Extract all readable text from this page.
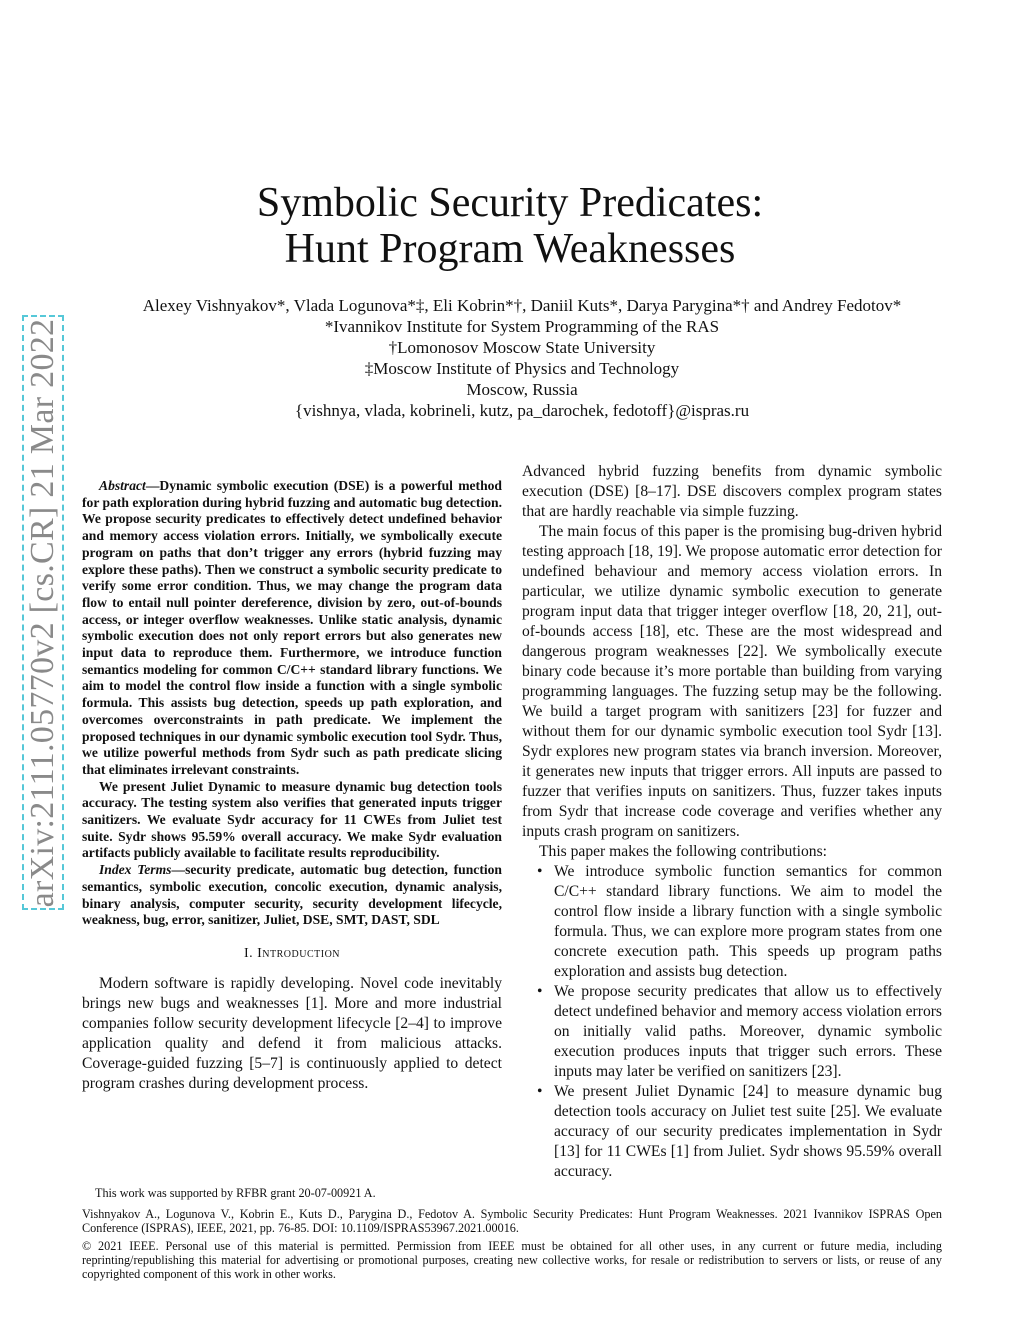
arXiv:2111.05770v2 [cs.CR] 21 Mar 2022
Symbolic Security Predicates:
Hunt Program Weaknesses
Alexey Vishnyakov*, Vlada Logunova*‡, Eli Kobrin*†, Daniil Kuts*, Darya Parygina*† and Andrey Fedotov*
*Ivannikov Institute for System Programming of the RAS
†Lomonosov Moscow State University
‡Moscow Institute of Physics and Technology
Moscow, Russia
{vishnya, vlada, kobrineli, kutz, pa_darochek, fedotoff}@ispras.ru

Abstract—Dynamic symbolic execution (DSE) is a powerful method for path exploration during hybrid fuzzing and automatic bug detection. We propose security predicates to effectively detect undefined behavior and memory access violation errors. Initially, we symbolically execute program on paths that don’t trigger any errors (hybrid fuzzing may explore these paths). Then we construct a symbolic security predicate to verify some error condition. Thus, we may change the program data flow to entail null pointer dereference, division by zero, out-of-bounds access, or integer overflow weaknesses. Unlike static analysis, dynamic symbolic execution does not only report errors but also generates new input data to reproduce them. Furthermore, we introduce function semantics modeling for common C/C++ standard library functions. We aim to model the control flow inside a function with a single symbolic formula. This assists bug detection, speeds up path exploration, and overcomes overconstraints in path predicate. We implement the proposed techniques in our dynamic symbolic execution tool Sydr. Thus, we utilize powerful methods from Sydr such as path predicate slicing that eliminates irrelevant constraints.

We present Juliet Dynamic to measure dynamic bug detection tools accuracy. The testing system also verifies that generated inputs trigger sanitizers. We evaluate Sydr accuracy for 11 CWEs from Juliet test suite. Sydr shows 95.59% overall accuracy. We make Sydr evaluation artifacts publicly available to facilitate results reproducibility.

Index Terms—security predicate, automatic bug detection, function semantics, symbolic execution, concolic execution, dynamic analysis, binary analysis, computer security, security development lifecycle, weakness, bug, error, sanitizer, Juliet, DSE, SMT, DAST, SDL

I. Introduction

Modern software is rapidly developing. Novel code inevitably brings new bugs and weaknesses [1]. More and more industrial companies follow security development lifecycle [2–4] to improve application quality and defend it from malicious attacks. Coverage-guided fuzzing [5–7] is continuously applied to detect program crashes during development process.

This work was supported by RFBR grant 20-07-00921 A.

Advanced hybrid fuzzing benefits from dynamic symbolic execution (DSE) [8–17]. DSE discovers complex program states that are hardly reachable via simple fuzzing.

The main focus of this paper is the promising bug-driven hybrid testing approach [18, 19]. We propose automatic error detection for undefined behaviour and memory access violation errors. In particular, we utilize dynamic symbolic execution to generate program input data that trigger integer overflow [18, 20, 21], out-of-bounds access [18], etc. These are the most widespread and dangerous program weaknesses [22]. We symbolically execute binary code because it’s more portable than building from varying programming languages. The fuzzing setup may be the following. We build a target program with sanitizers [23] for fuzzer and without them for our dynamic symbolic execution tool Sydr [13]. Sydr explores new program states via branch inversion. Moreover, it generates new inputs that trigger errors. All inputs are passed to fuzzer that verifies inputs on sanitizers. Thus, fuzzer takes inputs from Sydr that increase code coverage and verifies whether any inputs crash program on sanitizers.

This paper makes the following contributions:

• We introduce symbolic function semantics for common C/C++ standard library functions. We aim to model the control flow inside a library function with a single symbolic formula. Thus, we can explore more program states from one concrete execution path. This speeds up program paths exploration and assists bug detection.
• We propose security predicates that allow us to effectively detect undefined behavior and memory access violation errors on initially valid paths. Moreover, dynamic symbolic execution produces inputs that trigger such errors. These inputs may later be verified on sanitizers [23].
• We present Juliet Dynamic [24] to measure dynamic bug detection tools accuracy on Juliet test suite [25]. We evaluate accuracy of our security predicates implementation in Sydr [13] for 11 CWEs [1] from Juliet. Sydr shows 95.59% overall accuracy.

Vishnyakov A., Logunova V., Kobrin E., Kuts D., Parygina D., Fedotov A. Symbolic Security Predicates: Hunt Program Weaknesses. 2021 Ivannikov ISPRAS Open Conference (ISPRAS), IEEE, 2021, pp. 76-85. DOI: 10.1109/ISPRAS53967.2021.00016.

© 2021 IEEE. Personal use of this material is permitted. Permission from IEEE must be obtained for all other uses, in any current or future media, including reprinting/republishing this material for advertising or promotional purposes, creating new collective works, for resale or redistribution to servers or lists, or reuse of any copyrighted component of this work in other works.
